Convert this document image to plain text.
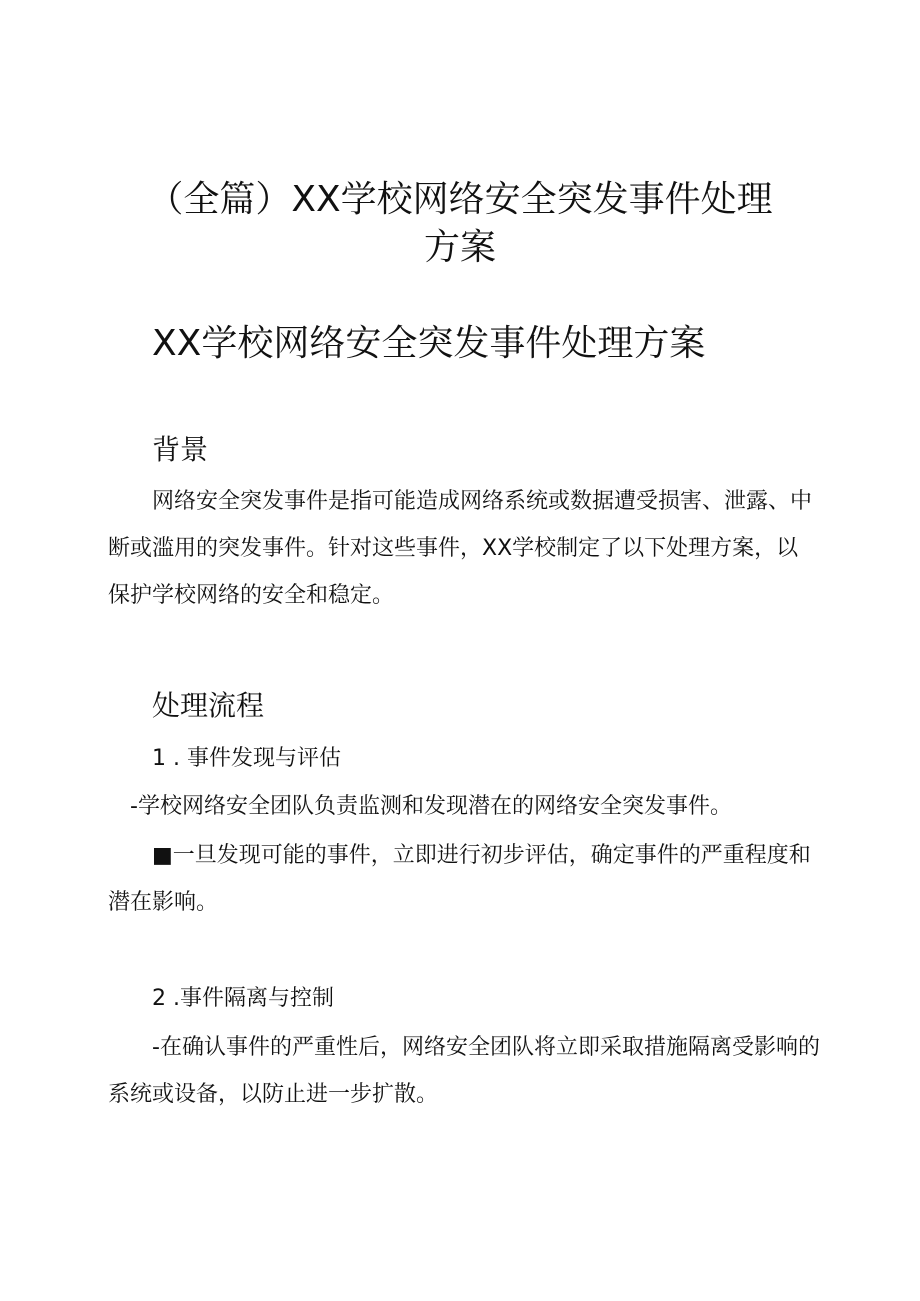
（全篇）XX学校网络安全突发事件处理
方案
XX学校网络安全突发事件处理方案
背景

网络安全突发事件是指可能造成网络系统或数据遭受损害、泄露、中断或滥用的突发事件。针对这些事件，XX学校制定了以下处理方案，以保护学校网络的安全和稳定。

处理流程

1 . 事件发现与评估

-学校网络安全团队负责监测和发现潜在的网络安全突发事件。

■一旦发现可能的事件，立即进行初步评估，确定事件的严重程度和潜在影响。

2 .事件隔离与控制

-在确认事件的严重性后，网络安全团队将立即采取措施隔离受影响的系统或设备，以防止进一步扩散。
